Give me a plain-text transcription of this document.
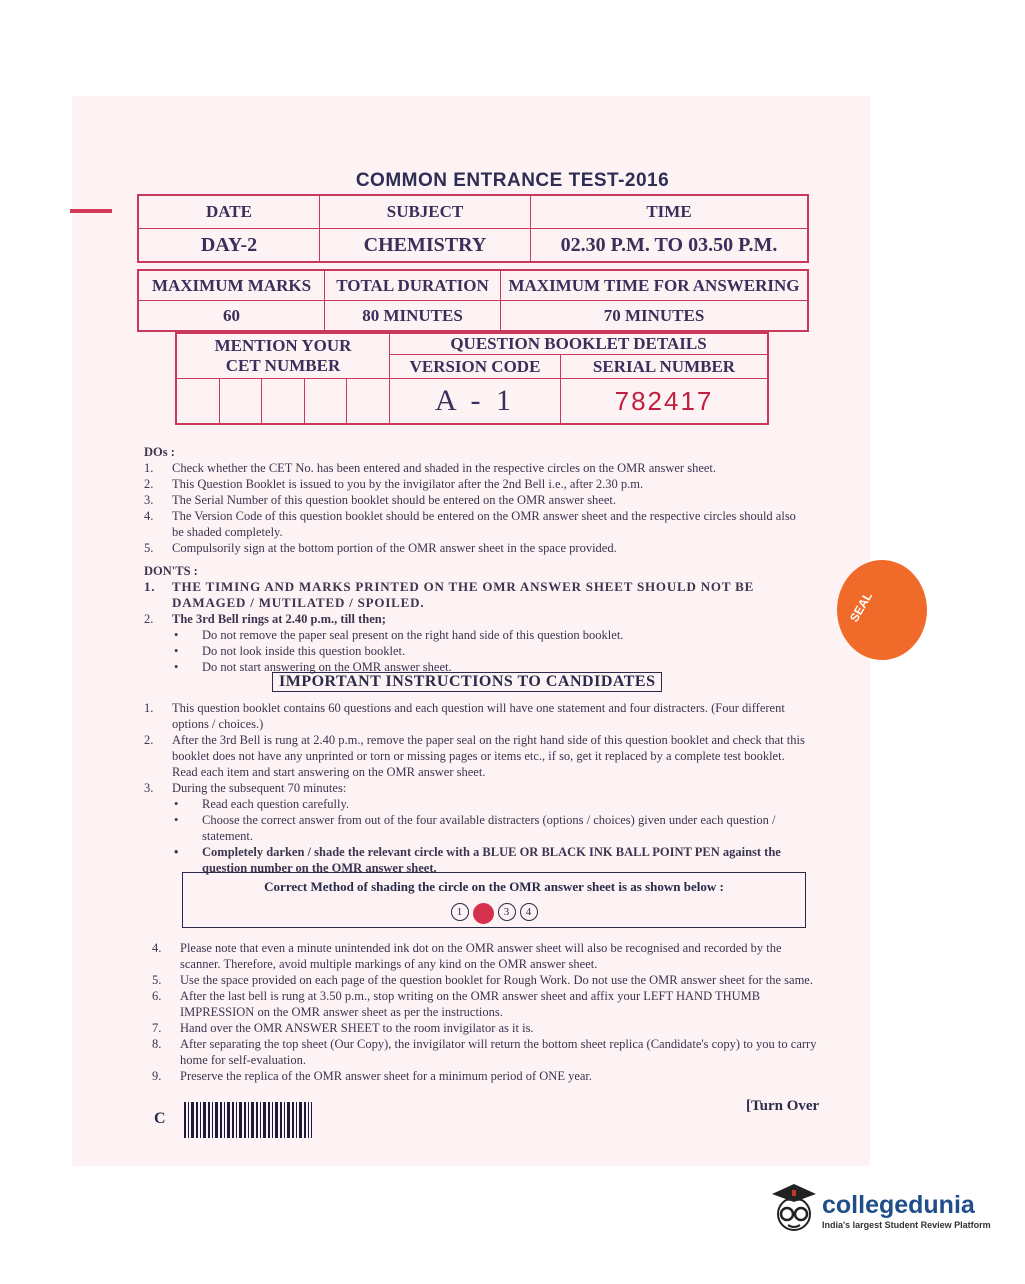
COMMON ENTRANCE TEST-2016
DATE	SUBJECT	TIME
DAY-2	CHEMISTRY	02.30 P.M. TO 03.50 P.M.
MAXIMUM MARKS	TOTAL DURATION	MAXIMUM TIME FOR ANSWERING
60	80 MINUTES	70 MINUTES
MENTION YOUR
CET NUMBER	QUESTION BOOKLET DETAILS	
	VERSION CODE	SERIAL NUMBER

	A - 1	782417
DOs :
1.	Check whether the CET No. has been entered and shaded in the respective circles on the OMR answer sheet.
2.	This Question Booklet is issued to you by the invigilator after the 2nd Bell i.e., after 2.30 p.m.
3.	The Serial Number of this question booklet should be entered on the OMR answer sheet.
4.	The Version Code of this question booklet should be entered on the OMR answer sheet and the respective circles should also be shaded completely.
5.	Compulsorily sign at the bottom portion of the OMR answer sheet in the space provided.
DON'TS :
1.	THE TIMING AND MARKS PRINTED ON THE OMR ANSWER SHEET SHOULD NOT BE DAMAGED / MUTILATED / SPOILED.
2.	The 3rd Bell rings at 2.40 p.m., till then;
• Do not remove the paper seal present on the right hand side of this question booklet.
• Do not look inside this question booklet.
• Do not start answering on the OMR answer sheet.
IMPORTANT INSTRUCTIONS TO CANDIDATES
1.	This question booklet contains 60 questions and each question will have one statement and four distracters. (Four different options / choices.)
2.	After the 3rd Bell is rung at 2.40 p.m., remove the paper seal on the right hand side of this question booklet and check that this booklet does not have any unprinted or torn or missing pages or items etc., if so, get it replaced by a complete test booklet. Read each item and start answering on the OMR answer sheet.
3.	During the subsequent 70 minutes:
• Read each question carefully.
• Choose the correct answer from out of the four available distracters (options / choices) given under each question / statement.
• Completely darken / shade the relevant circle with a BLUE OR BLACK INK BALL POINT PEN against the question number on the OMR answer sheet.
Correct Method of shading the circle on the OMR answer sheet is as shown below :
1	3	4
4.	Please note that even a minute unintended ink dot on the OMR answer sheet will also be recognised and recorded by the scanner. Therefore, avoid multiple markings of any kind on the OMR answer sheet.
5.	Use the space provided on each page of the question booklet for Rough Work. Do not use the OMR answer sheet for the same.
6.	After the last bell is rung at 3.50 p.m., stop writing on the OMR answer sheet and affix your LEFT HAND THUMB IMPRESSION on the OMR answer sheet as per the instructions.
7.	Hand over the OMR ANSWER SHEET to the room invigilator as it is.
8.	After separating the top sheet (Our Copy), the invigilator will return the bottom sheet replica (Candidate's copy) to you to carry home for self-evaluation.
9.	Preserve the replica of the OMR answer sheet for a minimum period of ONE year.
C
[Turn Over
SEAL
collegedunia
India's largest Student Review Platform
